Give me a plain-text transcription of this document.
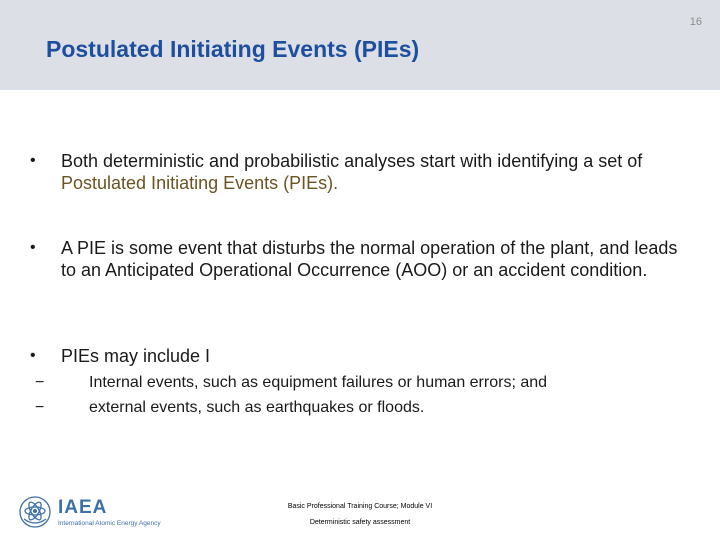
16
Postulated Initiating Events (PIEs)
•	Both deterministic and probabilistic analyses start with identifying a set of Postulated Initiating Events (PIEs).
•	A PIE is some event that disturbs the normal operation of the plant, and leads to an Anticipated Operational Occurrence (AOO) or an accident condition.
•	PIEs may include I
−	Internal events, such as equipment failures or human errors; and
−	external events, such as earthquakes or floods.
IAEA
International Atomic Energy Agency
Basic Professional Training Course; Module VI
Deterministic safety assessment
